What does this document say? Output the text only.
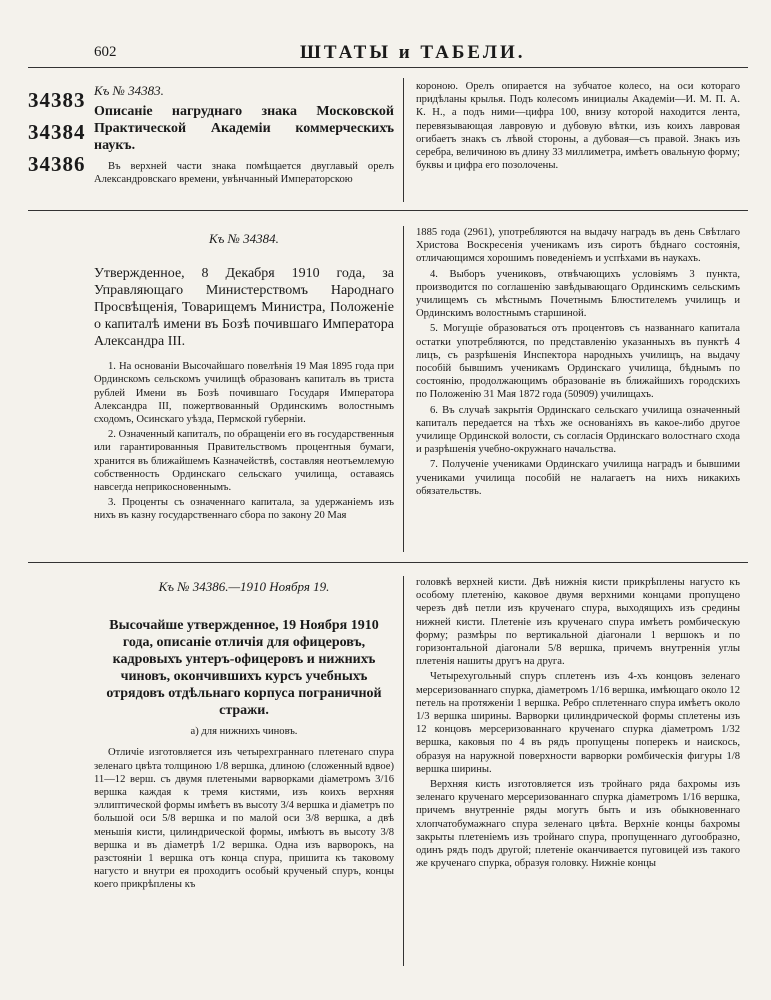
602	ШТАТЫ и ТАБЕЛИ.
34383
34384
34386
Къ № 34383.
Описаніе нагруднаго знака Московской Практической Академіи коммерческихъ наукъ.

Въ верхней части знака помѣщается двуглавый орелъ Александровскаго времени, увѣнчанный Императорскою

короною. Орелъ опирается на зубчатое колесо, на оси котораго придѣланы крылья. Подъ колесомъ инициалы Академіи—И. М. П. А. К. Н., а подъ ними—цифра 100, внизу которой находится лента, перевязывающая лавровую и дубовую вѣтки, изъ коихъ лавровая огибаетъ знакъ съ лѣвой стороны, а дубовая—съ правой. Знакъ изъ серебра, величиною въ длину 33 миллиметра, имѣетъ овальную форму; буквы и цифра его позолочены.

Къ № 34384.
Утвержденное, 8 Декабря 1910 года, за Управляющаго Министерствомъ Народнаго Просвѣщенія, Товарищемъ Министра, Положеніе о капиталѣ имени въ Бозѣ почившаго Императора Александра III.

1. На основаніи Высочайшаго повелѣнія 19 Мая 1895 года при Ординскомъ сельскомъ училищѣ образованъ капиталъ въ триста рублей Имени въ Бозѣ почившаго Государя Императора Александра III, пожертвованный Ординскимъ волостнымъ сходомъ, Осинскаго уѣзда, Пермской губерніи.

2. Означенный капиталъ, по обращеніи его въ государственныя или гарантированныя Правительствомъ процентныя бумаги, хранится въ ближайшемъ Казначействѣ, составляя неотъемлемую собственность Ординскаго сельскаго училища, оставаясь навсегда неприкосновеннымъ.

3. Проценты съ означеннаго капитала, за удержаніемъ изъ нихъ въ казну государственнаго сбора по закону 20 Мая

1885 года (2961), употребляются на выдачу наградъ въ день Свѣтлаго Христова Воскресенія ученикамъ изъ сиротъ бѣднаго состоянія, отличающимся хорошимъ поведеніемъ и успѣхами въ наукахъ.

4. Выборъ учениковъ, отвѣчающихъ условіямъ 3 пункта, производится по соглашенію завѣдывающаго Ординскимъ сельскимъ училищемъ съ мѣстнымъ Почетнымъ Блюстителемъ училищъ и Ординскимъ волостнымъ старшиной.

5. Могущіе образоваться отъ процентовъ съ названнаго капитала остатки употребляются, по представленію указанныхъ въ пунктѣ 4 лицъ, съ разрѣшенія Инспектора народныхъ училищъ, на выдачу пособій бывшимъ ученикамъ Ординскаго училища, бѣднымъ по состоянію, продолжающимъ образованіе въ ближайшихъ городскихъ по Положенію 31 Мая 1872 года (50909) училищахъ.

6. Въ случаѣ закрытія Ординскаго сельскаго училища означенный капиталъ передается на тѣхъ же основаніяхъ въ какое-либо другое училище Ординской волости, съ согласія Ординскаго волостнаго схода и разрѣшенія учебно-окружнаго начальства.

7. Полученіе учениками Ординскаго училища наградъ и бывшими учениками училища пособій не налагаетъ на нихъ никакихъ обязательствъ.

Къ № 34386.—1910 Ноября 19.
Высочайше утвержденное, 19 Ноября 1910 года, описаніе отличія для офицеровъ, кадровыхъ унтеръ-офицеровъ и нижнихъ чиновъ, окончившихъ курсъ учебныхъ отрядовъ отдѣльнаго корпуса пограничной стражи.
а) для нижнихъ чиновъ.

Отличіе изготовляется изъ четырехграннаго плетенаго спура зеленаго цвѣта толщиною 1/8 вершка, длиною (сложенный вдвое) 11—12 верш. съ двумя плетеными варворками діаметромъ 3/16 вершка каждая к тремя кистями, изъ коихъ верхняя эллиптической формы имѣетъ въ высоту 3/4 вершка и діаметръ по большой оси 5/8 вершка и по малой оси 3/8 вершка, а двѣ меньшія кисти, цилиндрической формы, имѣютъ въ высоту 3/8 вершка и въ діаметрѣ 1/2 вершка. Одна изъ варворокъ, на разстояніи 1 вершка отъ конца спура, пришита къ таковому нагусто и внутри ея проходитъ особый крученый спуръ, концы коего прикрѣплены къ

головкѣ верхней кисти. Двѣ нижнія кисти прикрѣплены нагусто къ особому плетенію, каковое двумя верхними концами пропущено черезъ двѣ петли изъ крученаго спура, выходящихъ изъ средины нижней кисти. Плетеніе изъ крученаго спура имѣетъ ромбическую форму; размѣры по вертикальной діагонали 1 вершокъ и по горизонтальной діагонали 5/8 вершка, причемъ внутреннія углы плетенія нашиты другъ на друга.

Четырехугольный спуръ сплетенъ изъ 4-хъ концовъ зеленаго мерсеризованнаго спурка, діаметромъ 1/16 вершка, имѣющаго около 12 петель на протяженіи 1 вершка. Ребро сплетеннаго спура имѣетъ около 1/3 вершка ширины. Варворки цилиндрической формы сплетены изъ 12 концовъ мерсеризованнаго крученаго спурка діаметромъ 1/32 вершка, каковыя по 4 въ рядъ пропущены поперекъ и наискось, образуя на наружной поверхности варворки ромбическія фигуры 1/8 вершка ширины.

Верхняя кисть изготовляется изъ тройнаго ряда бахромы изъ зеленаго крученаго мерсеризованнаго спурка діаметромъ 1/16 вершка, причемъ внутренніе ряды могутъ быть и изъ обыкновеннаго хлопчатобумажнаго спура зеленаго цвѣта. Верхніе концы бахромы закрыты плетеніемъ изъ тройнаго спура, пропущеннаго дугообразно, одинъ рядъ подъ другой; плетеніе оканчивается пуговицей изъ такого же крученаго спурка, образуя головку. Нижніе концы
